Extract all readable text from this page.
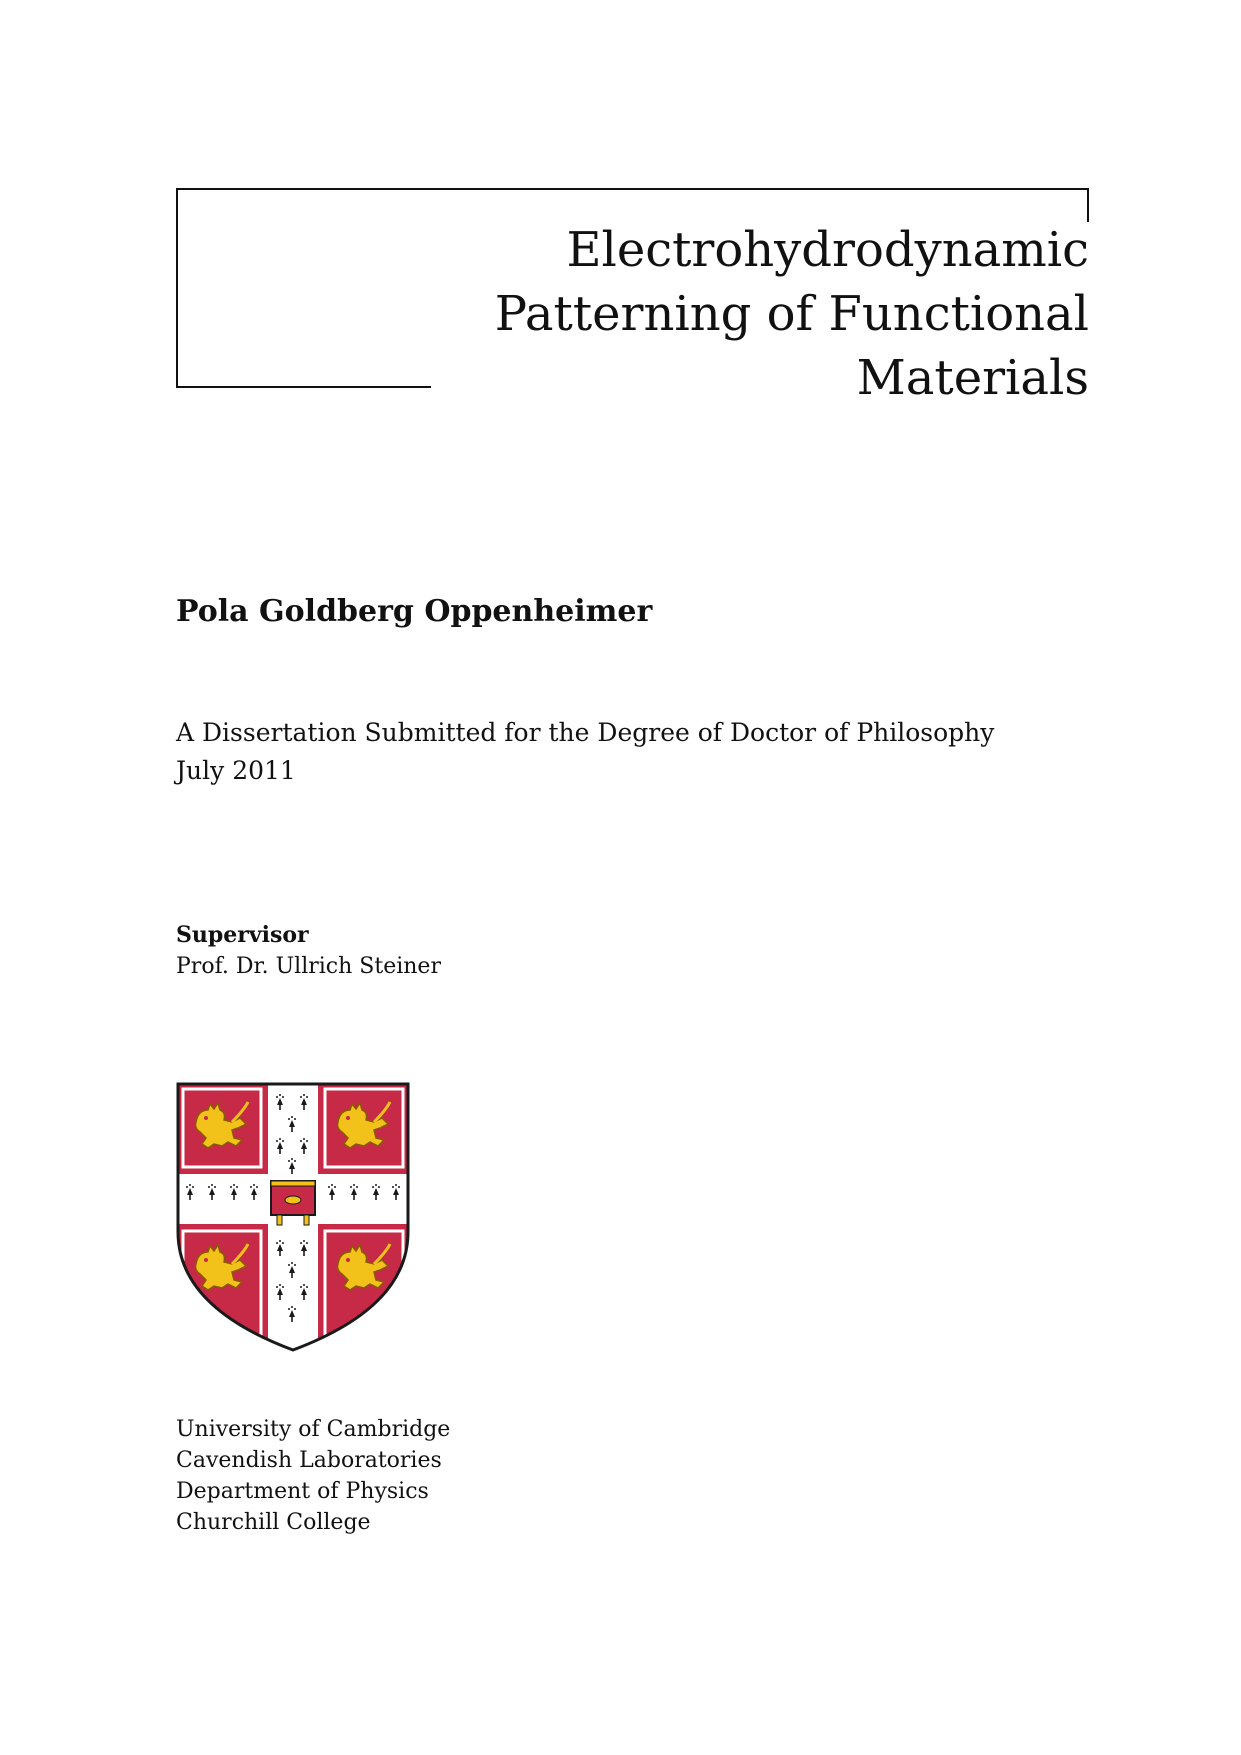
Electrohydrodynamic
Patterning of Functional
Materials
Pola Goldberg Oppenheimer
A Dissertation Submitted for the Degree of Doctor of Philosophy
July 2011
Supervisor
Prof. Dr. Ullrich Steiner
University of Cambridge
Cavendish Laboratories
Department of Physics
Churchill College
